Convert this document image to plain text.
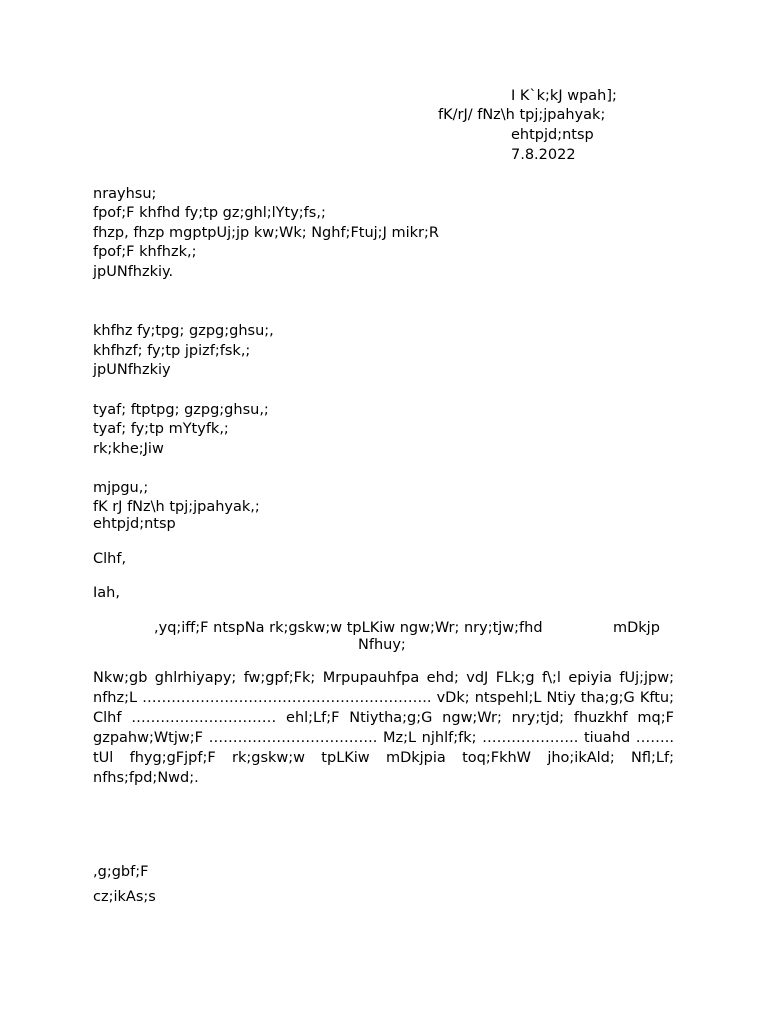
I K`k;kJ wpah];
fK/rJ/ fNz\h tpj;jpahyak;
ehtpjd;ntsp
7.8.2022
nrayhsu;
fpof;F khfhd fy;tp gz;ghl;lYty;fs,;
fhzp, fhzp mgptpUj;jp kw;Wk; Nghf;Ftuj;J mikr;R
fpof;F khfhzk,;
jpUNfhzkiy.
khfhz fy;tpg; gzpg;ghsu;,
khfhzf; fy;tp jpizf;fsk,;
jpUNfhzkiy
tyaf; ftptpg; gzpg;ghsu,;
tyaf; fy;tp mYtyfk,;
rk;khe;Jiw
mjpgu,;
fK rJ fNz\h tpj;jpahyak,;
ehtpjd;ntsp
Clhf,
Iah,
,yq;iff;F ntspNa rk;gskw;w tpLKiw ngw;Wr; nry;tjw;fhd	mDkjp
Nfhuy;
Nkw;gb ghlrhiyapy; fw;gpf;Fk; Mrpupauhfpa ehd; vdJ FLk;g f\;l epiyia fUj;jpw; nfhz;L ……………….………………………………….. vDk; ntspehl;L Ntiy tha;g;G Kftu; Clhf ………………………… ehl;Lf;F Ntiytha;g;G ngw;Wr; nry;tjd; fhuzkhf mq;F gzpahw;Wtjw;F …………………………….. Mz;L njhlf;fk; ……………….. tiuahd …….. tUl fhyg;gFjpf;F rk;gskw;w tpLKiw mDkjpia toq;FkhW jho;ikAld; Nfl;Lf; nfhs;fpd;Nwd;.
,g;gbf;F
cz;ikAs;s
